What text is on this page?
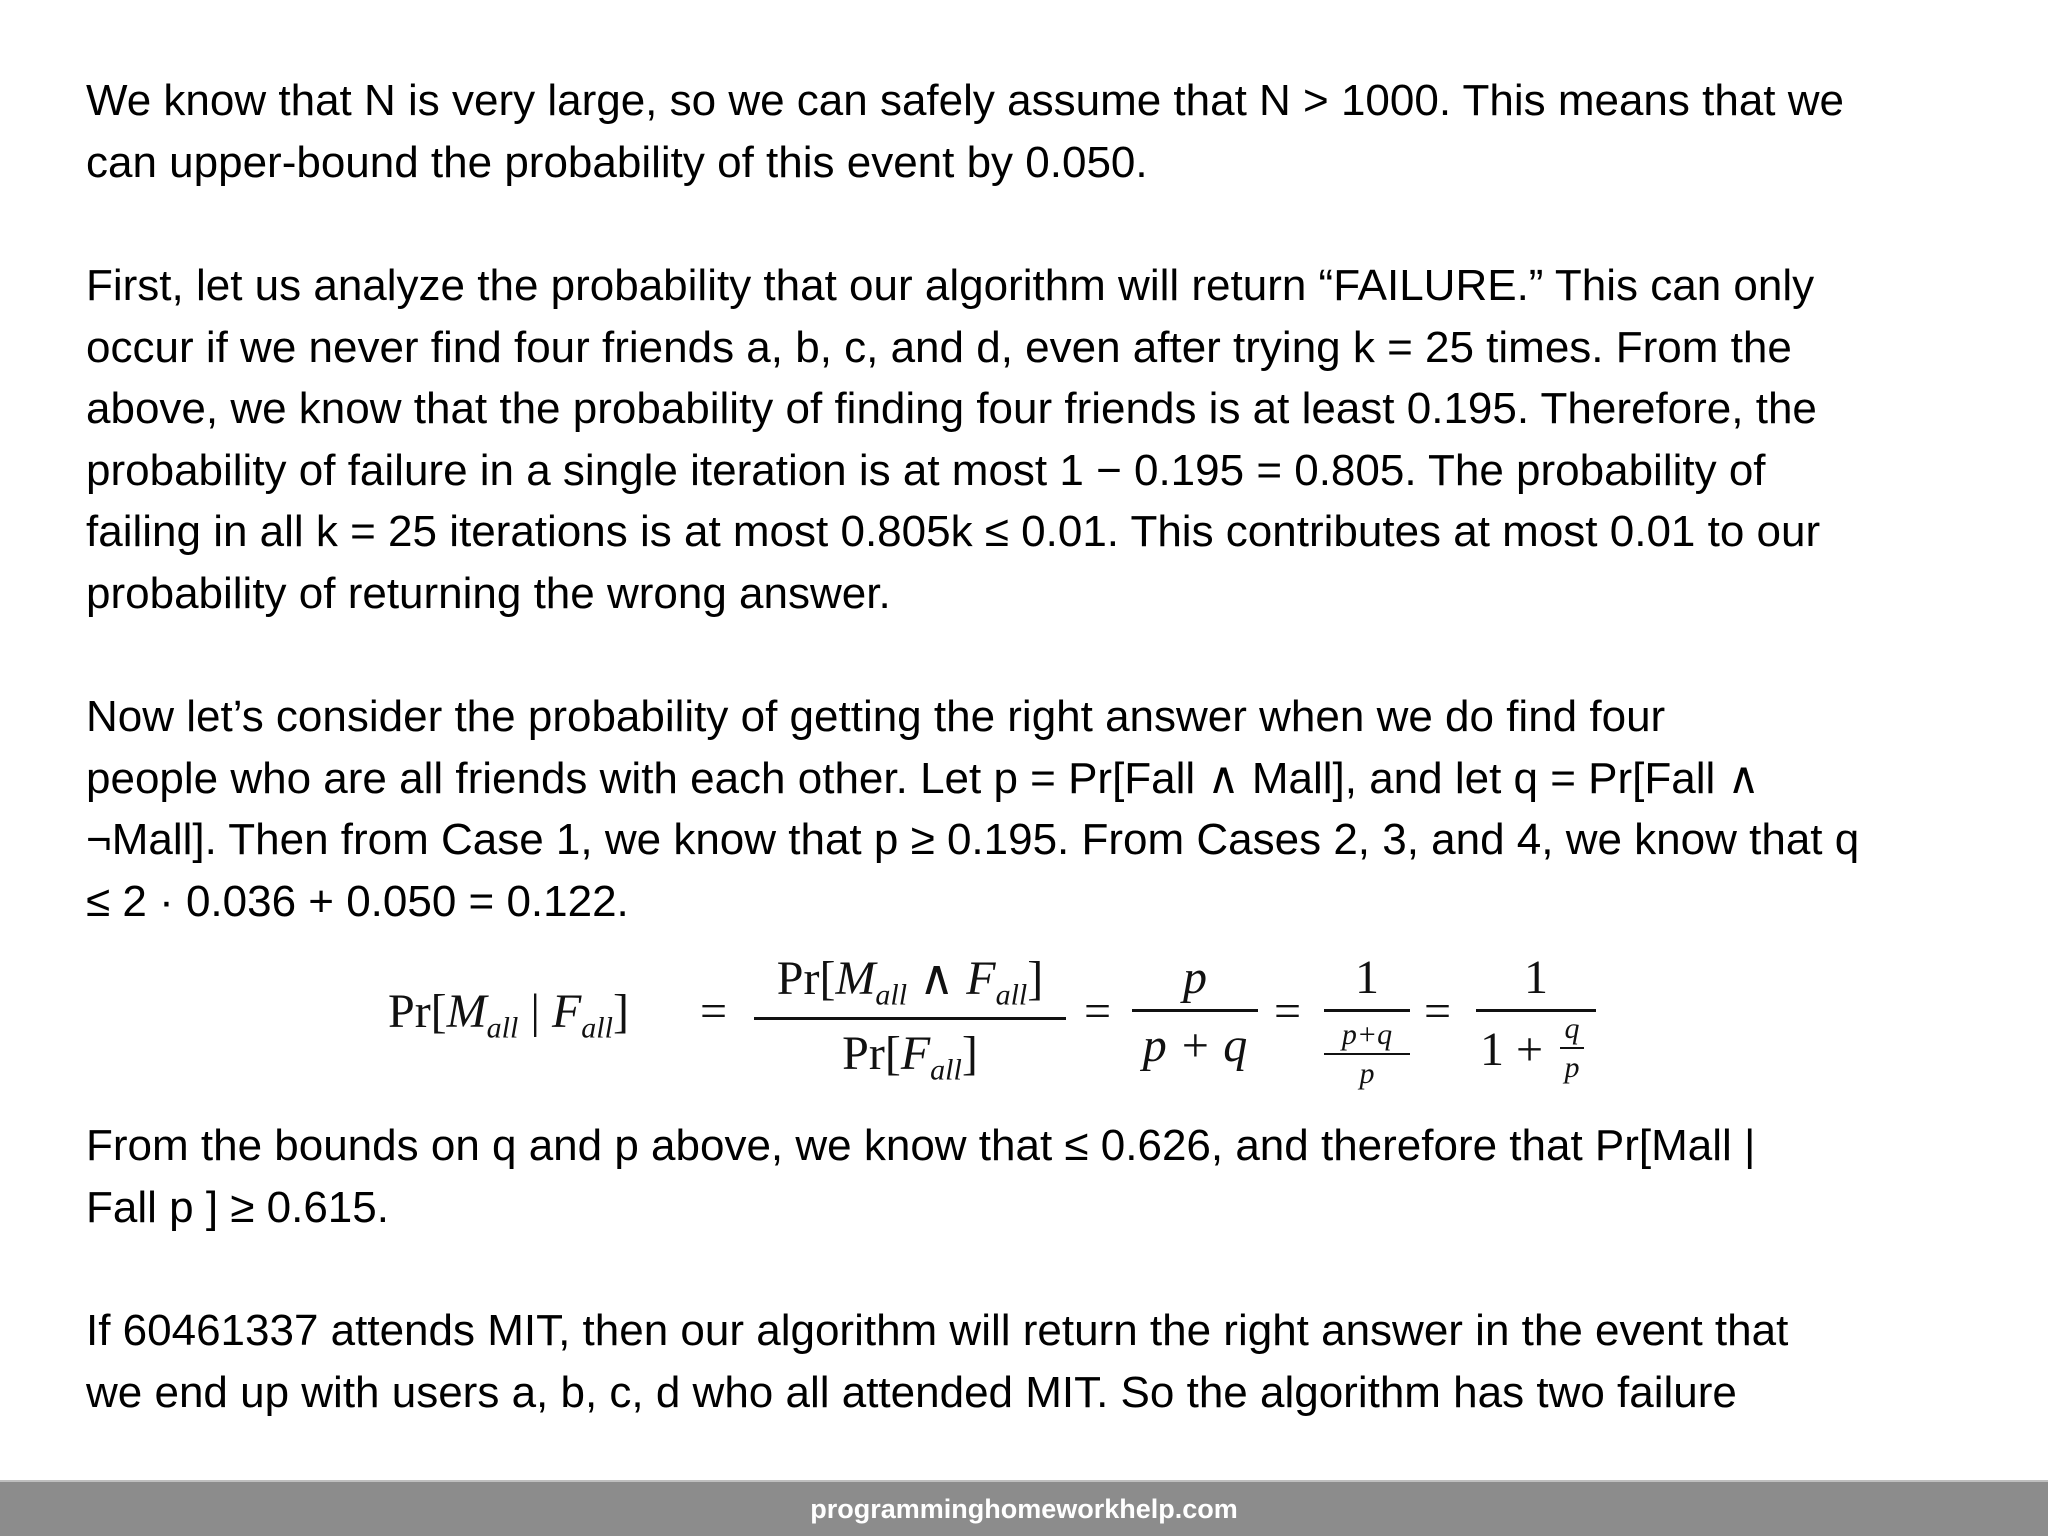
We know that N is very large, so we can safely assume that N > 1000. This means that we
can upper-bound the probability of this event by 0.050.
First, let us analyze the probability that our algorithm will return “FAILURE.” This can only
occur if we never find four friends a, b, c, and d, even after trying k = 25 times. From the
above, we know that the probability of finding four friends is at least 0.195. Therefore, the
probability of failure in a single iteration is at most 1 − 0.195 = 0.805. The probability of
failing in all k = 25 iterations is at most 0.805k ≤ 0.01. This contributes at most 0.01 to our
probability of returning the wrong answer.
Now let’s consider the probability of getting the right answer when we do find four
people who are all friends with each other. Let p = Pr[Fall ∧ Mall], and let q = Pr[Fall ∧
¬Mall]. Then from Case 1, we know that p ≥ 0.195. From Cases 2, 3, and 4, we know that q
≤ 2 · 0.036 + 0.050 = 0.122.
$Pr[M_{all}$ | $F_{all}$] =
$Pr[M_{all}$ ∧ $F_{all}$]
$Pr[F_{all}]$
=
p
p + q
=
1
p+q
p
=
1
1 + q
p
From the bounds on q and p above, we know that ≤ 0.626, and therefore that Pr[Mall |
Fall p ] ≥ 0.615.
If 60461337 attends MIT, then our algorithm will return the right answer in the event that
we end up with users a, b, c, d who all attended MIT. So the algorithm has two failure
programminghomeworkhelp.com
